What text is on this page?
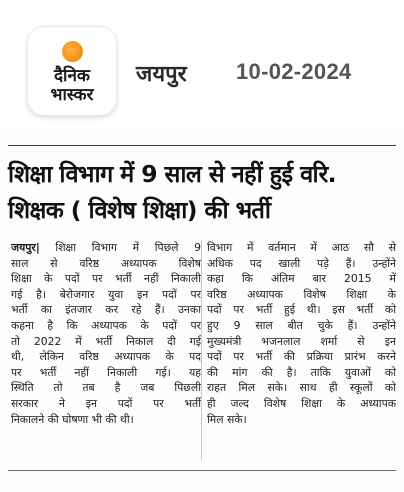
दैनिक
भास्कर
जयपुर 10-02-2024
शिक्षा विभाग में 9 साल से नहीं हुई वरि.
शिक्षक ( विशेष शिक्षा) की भर्ती
जयपुर| शिक्षा विभाग में पिछले 9
साल से वरिष्ठ अध्यापक विशेष
शिक्षा के पदों पर भर्ती नहीं निकाली
गई है। बेरोजगार युवा इन पदों पर
भर्ती का इंतजार कर रहे हैं। उनका
कहना है कि अध्यापक के पदों पर
तो 2022 में भर्ती निकाल दी गई
थी, लेकिन वरिष्ठ अध्यापक के पद
पर भर्ती नहीं निकाली गई। यह
स्थिति तो तब है जब पिछली
सरकार ने इन पदों पर भर्ती
निकालने की घोषणा भी की थी।
विभाग में वर्तमान में आठ सौ से
अधिक पद खाली पड़े हैं। उन्होंने
कहा कि अंतिम बार 2015 में
वरिष्ठ अध्यापक विशेष शिक्षा के
पदों पर भर्ती हुई थी। इस भर्ती को
हुए 9 साल बीत चुके हैं। उन्होंने
मुख्यमंत्री भजनलाल शर्मा से इन
पदों पर भर्ती की प्रक्रिया प्रारंभ करने
की मांग की है। ताकि युवाओं को
राहत मिल सके। साथ ही स्कूलों को
ही जल्द विशेष शिक्षा के अध्यापक
मिल सके।
